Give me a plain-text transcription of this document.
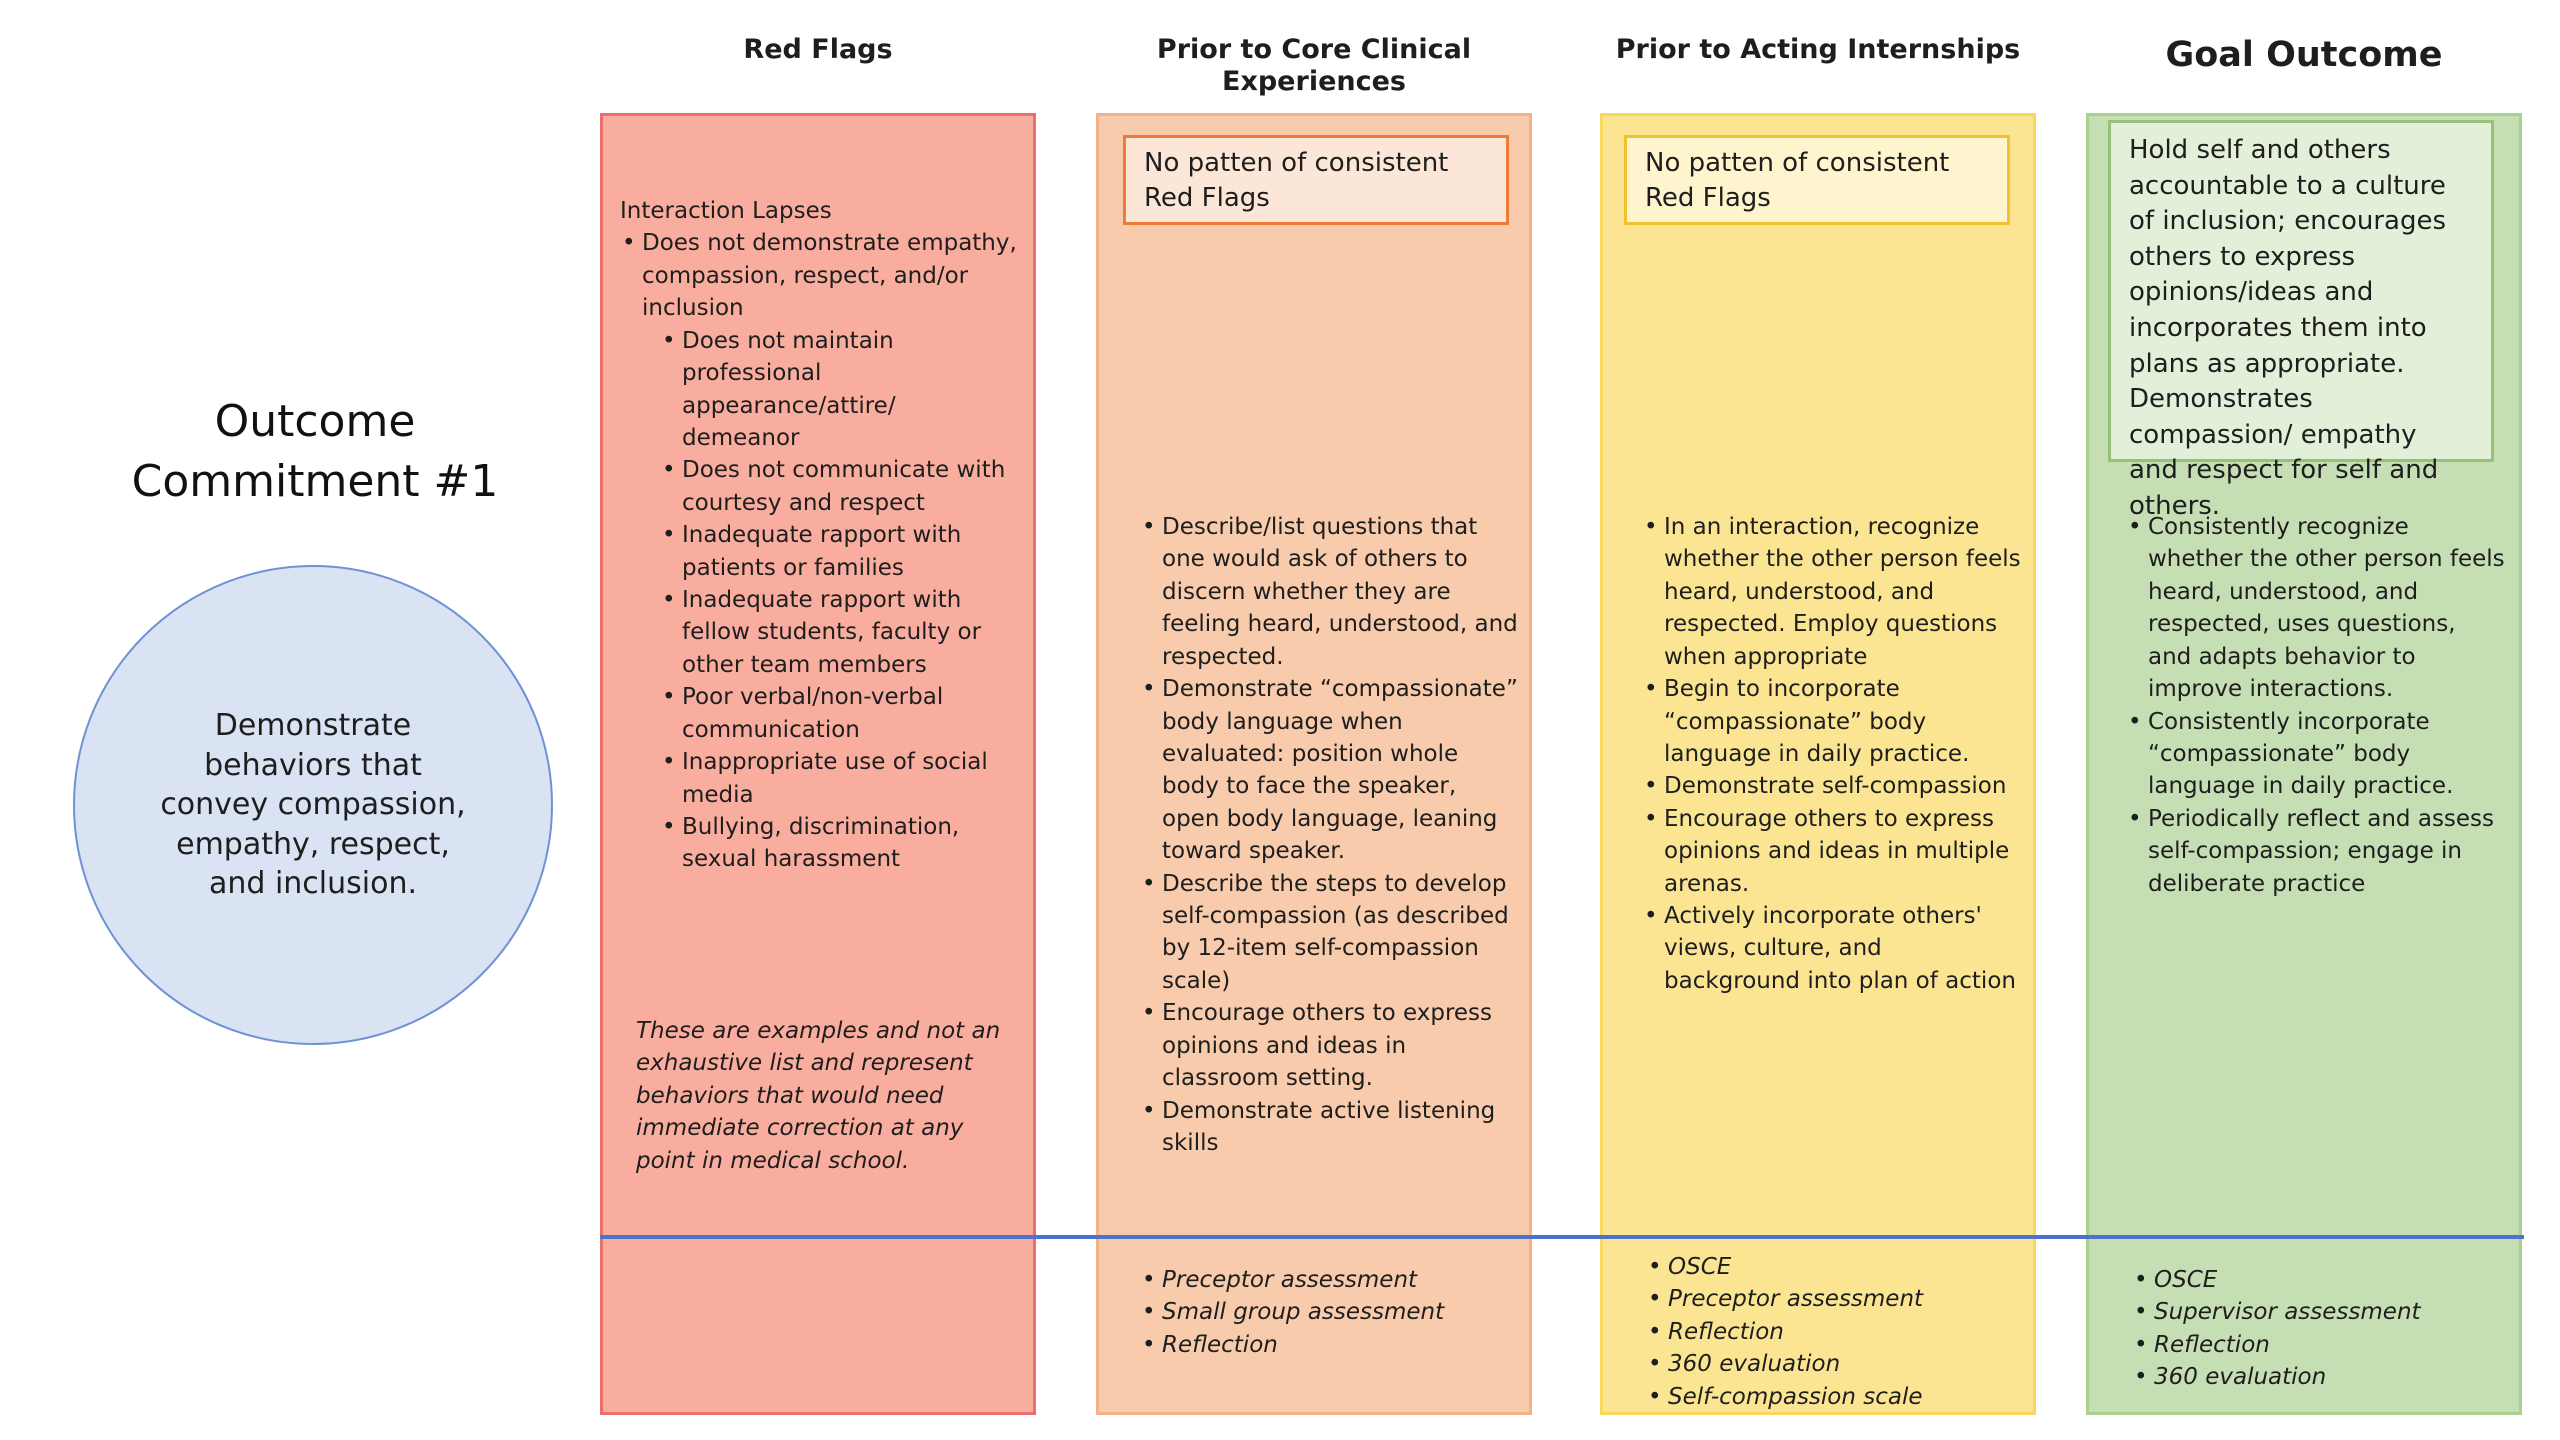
Red Flags	Prior to Core Clinical Experiences
Prior to Acting Internships	Goal Outcome
Outcome
Commitment #1
Demonstrate behaviors that convey compassion, empathy, respect, and inclusion.
Interaction Lapses
• Does not demonstrate empathy, compassion, respect, and/or inclusion
• Does not maintain professional appearance/attire/ demeanor
• Does not communicate with courtesy and respect
• Inadequate rapport with patients or families
• Inadequate rapport with fellow students, faculty or other team members
• Poor verbal/non-verbal communication
• Inappropriate use of social media
• Bullying, discrimination, sexual harassment
These are examples and not an exhaustive list and represent behaviors that would need immediate correction at any point in medical school.
No patten of consistent Red Flags
• Describe/list questions that one would ask of others to discern whether they are feeling heard, understood, and respected.
• Demonstrate “compassionate” body language when evaluated: position whole body to face the speaker, open body language, leaning toward speaker.
• Describe the steps to develop self-compassion (as described by 12-item self-compassion scale)
• Encourage others to express opinions and ideas in classroom setting.
• Demonstrate active listening skills
• Preceptor assessment
• Small group assessment
• Reflection
No patten of consistent Red Flags
• In an interaction, recognize whether the other person feels heard, understood, and respected. Employ questions when appropriate
• Begin to incorporate “compassionate” body language in daily practice.
• Demonstrate self-compassion
• Encourage others to express opinions and ideas in multiple arenas.
• Actively incorporate others' views, culture, and background into plan of action
• OSCE
• Preceptor assessment
• Reflection
• 360 evaluation
• Self-compassion scale
Hold self and others accountable to a culture of inclusion; encourages others to express opinions/ideas and incorporates them into plans as appropriate. Demonstrates compassion/ empathy and respect for self and others.
• Consistently recognize whether the other person feels heard, understood, and respected, uses questions, and adapts behavior to improve interactions.
• Consistently incorporate “compassionate” body language in daily practice.
• Periodically reflect and assess self-compassion; engage in deliberate practice
• OSCE
• Supervisor assessment
• Reflection
• 360 evaluation
